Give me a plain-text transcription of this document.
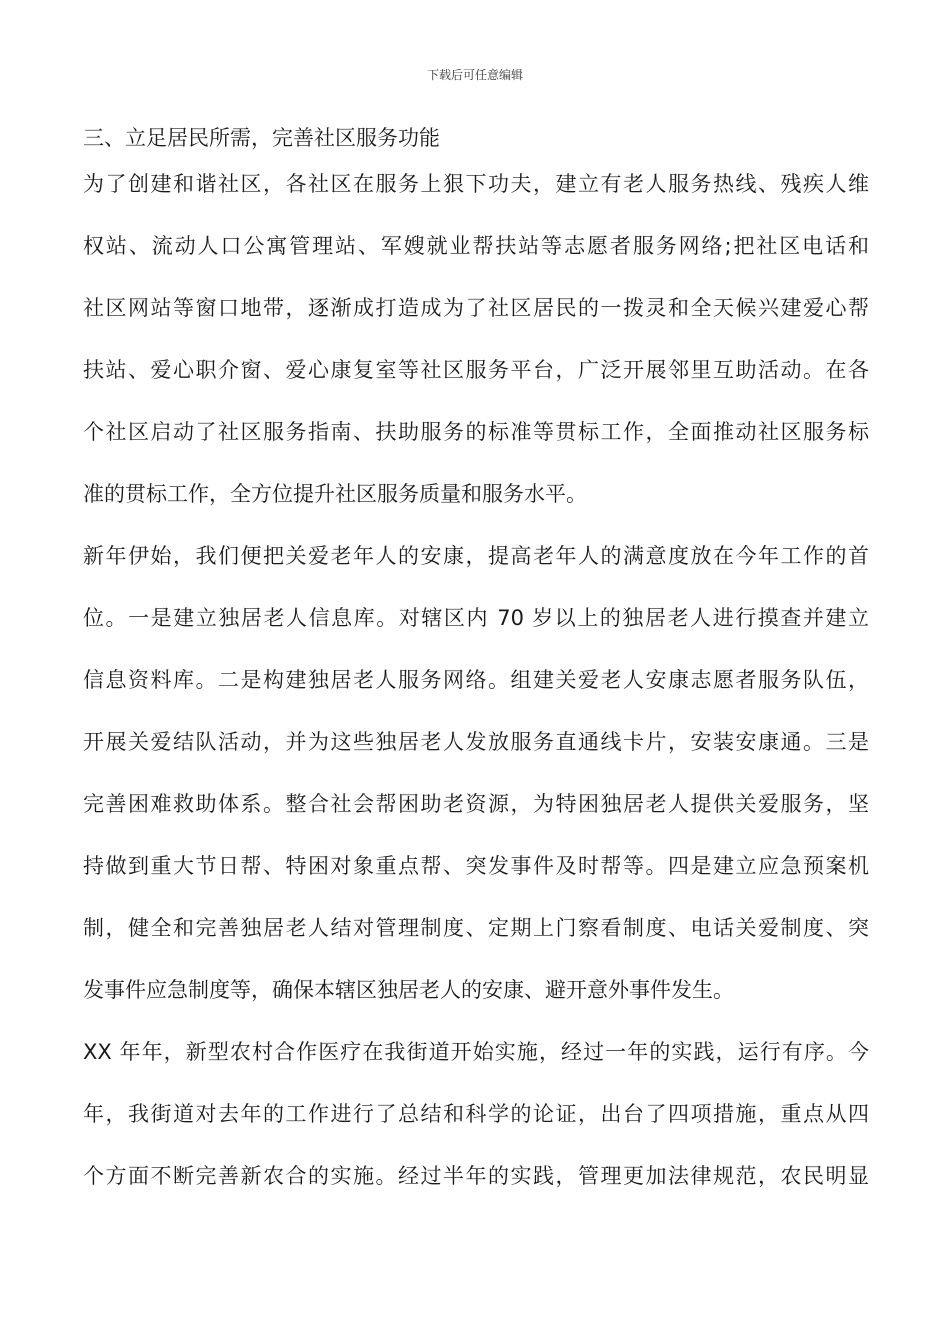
下载后可任意编辑
三、立足居民所需，完善社区服务功能
为了创建和谐社区，各社区在服务上狠下功夫，建立有老人服务热线、残疾人维
权站、流动人口公寓管理站、军嫂就业帮扶站等志愿者服务网络;把社区电话和
社区网站等窗口地带，逐渐成打造成为了社区居民的一拨灵和全天候兴建爱心帮
扶站、爱心职介窗、爱心康复室等社区服务平台，广泛开展邻里互助活动。在各
个社区启动了社区服务指南、扶助服务的标准等贯标工作，全面推动社区服务标
准的贯标工作，全方位提升社区服务质量和服务水平。
新年伊始，我们便把关爱老年人的安康，提高老年人的满意度放在今年工作的首
位。一是建立独居老人信息库。对辖区内 70 岁以上的独居老人进行摸查并建立
信息资料库。二是构建独居老人服务网络。组建关爱老人安康志愿者服务队伍，
开展关爱结队活动，并为这些独居老人发放服务直通线卡片，安装安康通。三是
完善困难救助体系。整合社会帮困助老资源，为特困独居老人提供关爱服务，坚
持做到重大节日帮、特困对象重点帮、突发事件及时帮等。四是建立应急预案机
制，健全和完善独居老人结对管理制度、定期上门察看制度、电话关爱制度、突
发事件应急制度等，确保本辖区独居老人的安康、避开意外事件发生。
XX 年年，新型农村合作医疗在我街道开始实施，经过一年的实践，运行有序。今
年，我街道对去年的工作进行了总结和科学的论证，出台了四项措施，重点从四
个方面不断完善新农合的实施。经过半年的实践，管理更加法律规范，农民明显
